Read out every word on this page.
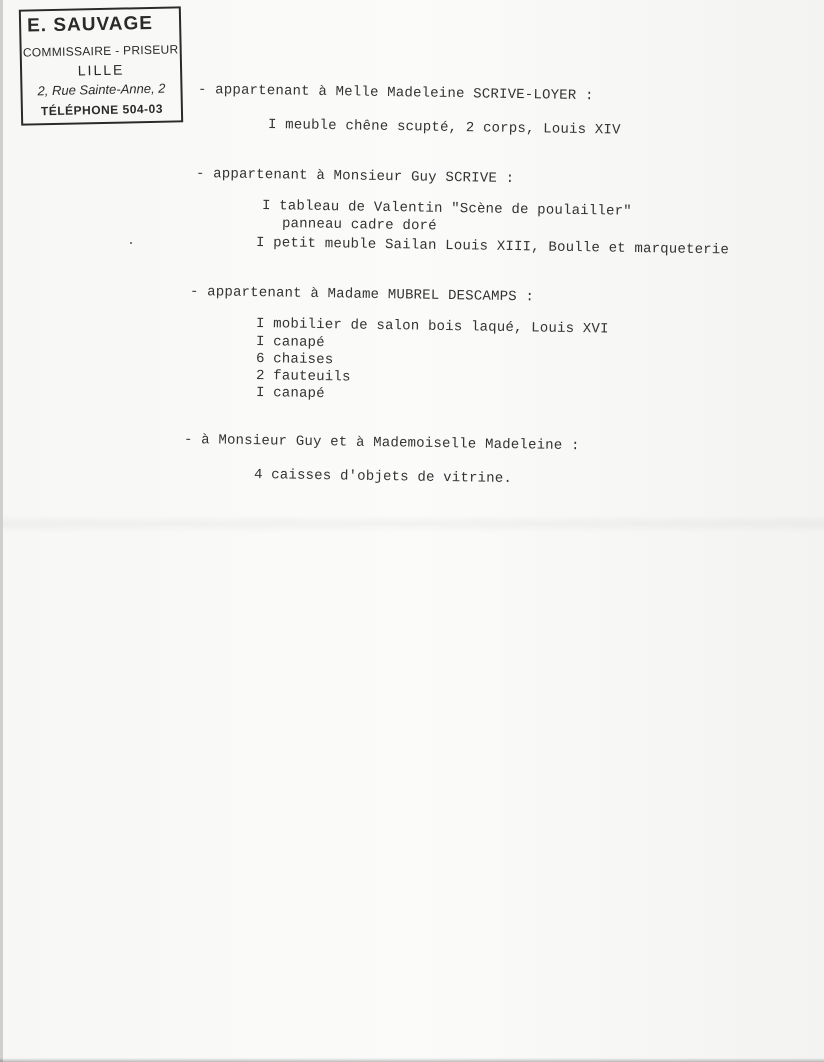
E. SAUVAGE
COMMISSAIRE - PRISEUR
LILLE
2, Rue Sainte-Anne, 2
TÉLÉPHONE 504-03
- appartenant à Melle Madeleine SCRIVE-LOYER :
I meuble chêne scupté, 2 corps, Louis XIV
- appartenant à Monsieur Guy SCRIVE :
I tableau de Valentin "Scène de poulailler"
panneau cadre doré
I petit meuble Sailan Louis XIII, Boulle et marqueterie
- appartenant à Madame MUBREL DESCAMPS :
I mobilier de salon bois laqué, Louis XVI
I canapé
6 chaises
2 fauteuils
I canapé
- à Monsieur Guy et à Mademoiselle Madeleine :
4 caisses d'objets de vitrine.
